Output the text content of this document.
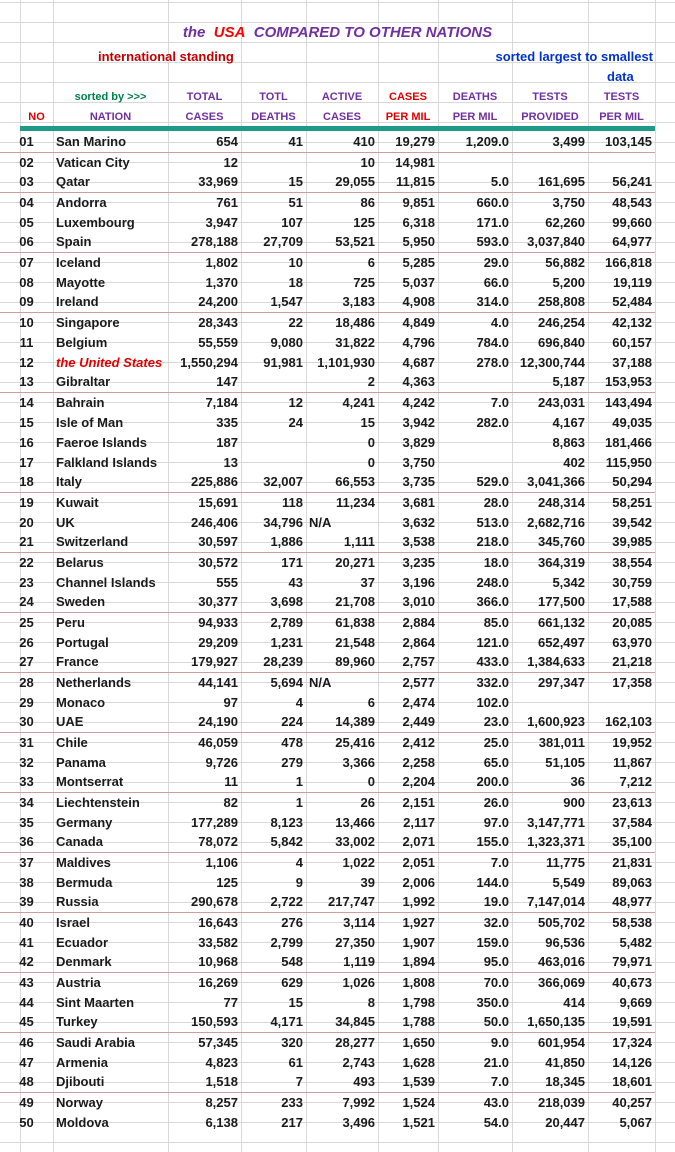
the USA COMPARED TO OTHER NATIONS
international standing	sorted largest to smallest
data
sorted by >>>	TOTAL	TOTL	ACTIVE	CASES	DEATHS	TESTS	TESTS
NO	NATION	CASES	DEATHS	CASES	PER MIL	PER MIL	PROVIDED	PER MIL
01	San Marino	654	41	410	19,279	1,209.0	3,499	103,145
02	Vatican City	12		10	14,981			
03	Qatar	33,969	15	29,055	11,815	5.0	161,695	56,241
04	Andorra	761	51	86	9,851	660.0	3,750	48,543
05	Luxembourg	3,947	107	125	6,318	171.0	62,260	99,660
06	Spain	278,188	27,709	53,521	5,950	593.0	3,037,840	64,977
07	Iceland	1,802	10	6	5,285	29.0	56,882	166,818
08	Mayotte	1,370	18	725	5,037	66.0	5,200	19,119
09	Ireland	24,200	1,547	3,183	4,908	314.0	258,808	52,484
10	Singapore	28,343	22	18,486	4,849	4.0	246,254	42,132
11	Belgium	55,559	9,080	31,822	4,796	784.0	696,840	60,157
12	the United States	1,550,294	91,981	1,101,930	4,687	278.0	12,300,744	37,188
13	Gibraltar	147		2	4,363		5,187	153,953
14	Bahrain	7,184	12	4,241	4,242	7.0	243,031	143,494
15	Isle of Man	335	24	15	3,942	282.0	4,167	49,035
16	Faeroe Islands	187		0	3,829		8,863	181,466
17	Falkland Islands	13		0	3,750		402	115,950
18	Italy	225,886	32,007	66,553	3,735	529.0	3,041,366	50,294
19	Kuwait	15,691	118	11,234	3,681	28.0	248,314	58,251
20	UK	246,406	34,796	N/A	3,632	513.0	2,682,716	39,542
21	Switzerland	30,597	1,886	1,111	3,538	218.0	345,760	39,985
22	Belarus	30,572	171	20,271	3,235	18.0	364,319	38,554
23	Channel Islands	555	43	37	3,196	248.0	5,342	30,759
24	Sweden	30,377	3,698	21,708	3,010	366.0	177,500	17,588
25	Peru	94,933	2,789	61,838	2,884	85.0	661,132	20,085
26	Portugal	29,209	1,231	21,548	2,864	121.0	652,497	63,970
27	France	179,927	28,239	89,960	2,757	433.0	1,384,633	21,218
28	Netherlands	44,141	5,694	N/A	2,577	332.0	297,347	17,358
29	Monaco	97	4	6	2,474	102.0		
30	UAE	24,190	224	14,389	2,449	23.0	1,600,923	162,103
31	Chile	46,059	478	25,416	2,412	25.0	381,011	19,952
32	Panama	9,726	279	3,366	2,258	65.0	51,105	11,867
33	Montserrat	11	1	0	2,204	200.0	36	7,212
34	Liechtenstein	82	1	26	2,151	26.0	900	23,613
35	Germany	177,289	8,123	13,466	2,117	97.0	3,147,771	37,584
36	Canada	78,072	5,842	33,002	2,071	155.0	1,323,371	35,100
37	Maldives	1,106	4	1,022	2,051	7.0	11,775	21,831
38	Bermuda	125	9	39	2,006	144.0	5,549	89,063
39	Russia	290,678	2,722	217,747	1,992	19.0	7,147,014	48,977
40	Israel	16,643	276	3,114	1,927	32.0	505,702	58,538
41	Ecuador	33,582	2,799	27,350	1,907	159.0	96,536	5,482
42	Denmark	10,968	548	1,119	1,894	95.0	463,016	79,971
43	Austria	16,269	629	1,026	1,808	70.0	366,069	40,673
44	Sint Maarten	77	15	8	1,798	350.0	414	9,669
45	Turkey	150,593	4,171	34,845	1,788	50.0	1,650,135	19,591
46	Saudi Arabia	57,345	320	28,277	1,650	9.0	601,954	17,324
47	Armenia	4,823	61	2,743	1,628	21.0	41,850	14,126
48	Djibouti	1,518	7	493	1,539	7.0	18,345	18,601
49	Norway	8,257	233	7,992	1,524	43.0	218,039	40,257
50	Moldova	6,138	217	3,496	1,521	54.0	20,447	5,067
